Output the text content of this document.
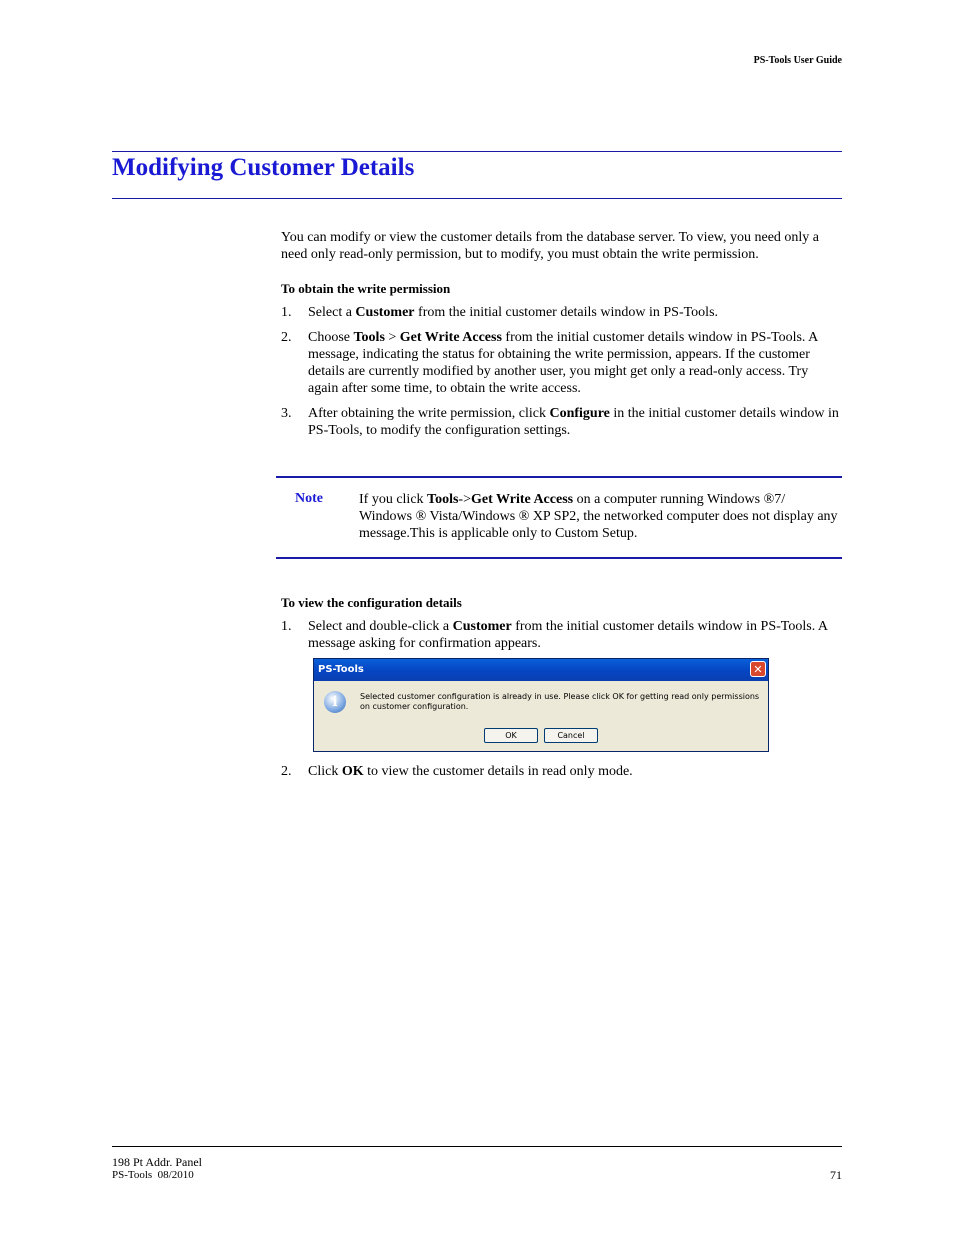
PS-Tools User Guide
Modifying Customer Details
You can modify or view the customer details from the database server. To view, you need only a need only read-only permission, but to modify, you must obtain the write permission.
To obtain the write permission
1. Select a Customer from the initial customer details window in PS-Tools.
2. Choose Tools > Get Write Access from the initial customer details window in PS-Tools. A message, indicating the status for obtaining the write permission, appears. If the customer details are currently modified by another user, you might get only a read-only access. Try again after some time, to obtain the write access.
3. After obtaining the write permission, click Configure in the initial customer details window in PS-Tools, to modify the configuration settings.
Note	If you click Tools->Get Write Access on a computer running Windows ®7/ Windows ® Vista/Windows ® XP SP2, the networked computer does not display any message.This is applicable only to Custom Setup.
To view the configuration details
1. Select and double-click a Customer from the initial customer details window in PS-Tools. A message asking for confirmation appears.
PS-Tools	✕
i	Selected customer configuration is already in use. Please click OK for getting read only permissions on customer configuration.
OK	Cancel
2. Click OK to view the customer details in read only mode.
198 Pt Addr. Panel
PS-Tools  08/2010	71
